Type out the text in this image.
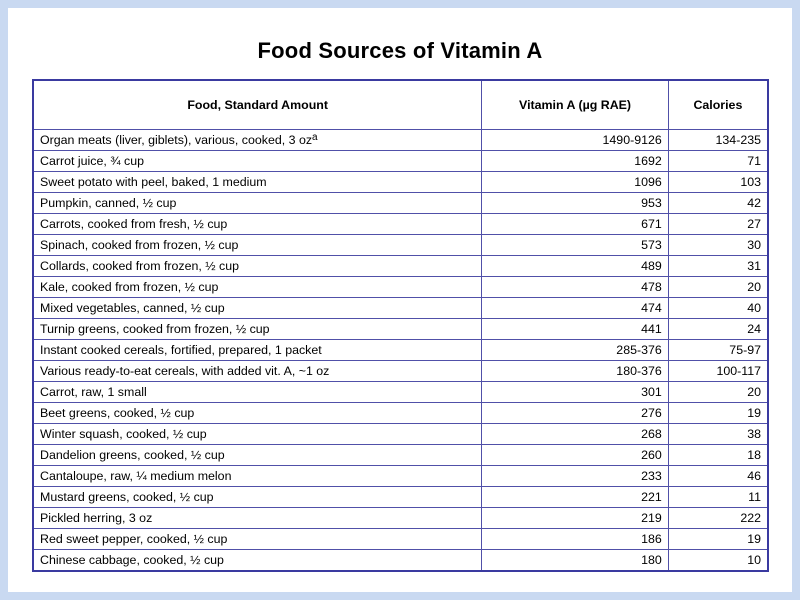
Food Sources of Vitamin A
Food, Standard Amount	Vitamin A (µg RAE)	Calories
Organ meats (liver, giblets), various, cooked, 3 $oz^a$	1490-9126	134-235
Carrot juice, ¾ cup	1692	71
Sweet potato with peel, baked, 1 medium	1096	103
Pumpkin, canned, ½ cup	953	42
Carrots, cooked from fresh, ½ cup	671	27
Spinach, cooked from frozen, ½ cup	573	30
Collards, cooked from frozen, ½ cup	489	31
Kale, cooked from frozen, ½ cup	478	20
Mixed vegetables, canned, ½ cup	474	40
Turnip greens, cooked from frozen, ½ cup	441	24
Instant cooked cereals, fortified, prepared, 1 packet	285-376	75-97
Various ready-to-eat cereals, with added vit. A, ~1 oz	180-376	100-117
Carrot, raw, 1 small	301	20
Beet greens, cooked, ½ cup	276	19
Winter squash, cooked, ½ cup	268	38
Dandelion greens, cooked, ½ cup	260	18
Cantaloupe, raw, ¼ medium melon	233	46
Mustard greens, cooked, ½ cup	221	11
Pickled herring, 3 oz	219	222
Red sweet pepper, cooked, ½ cup	186	19
Chinese cabbage, cooked, ½ cup	180	10
